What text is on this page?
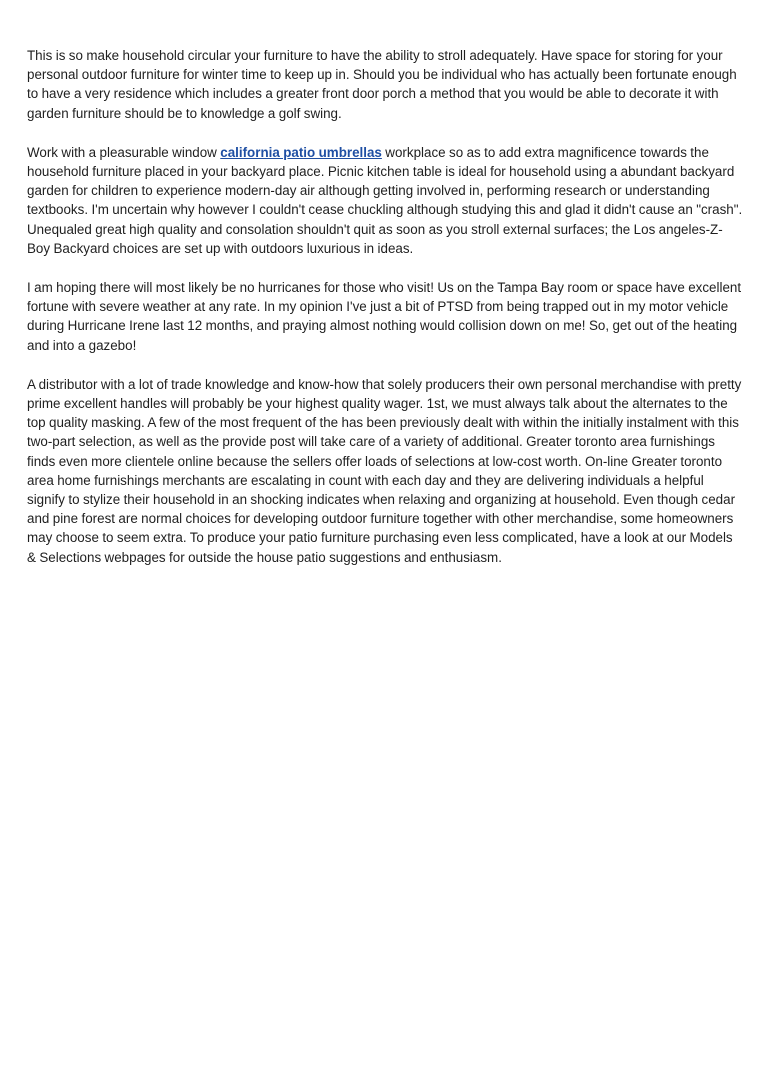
This is so make household circular your furniture to have the ability to stroll adequately. Have space for storing for your personal outdoor furniture for winter time to keep up in. Should you be individual who has actually been fortunate enough to have a very residence which includes a greater front door porch a method that you would be able to decorate it with garden furniture should be to knowledge a golf swing.

Work with a pleasurable window california patio umbrellas workplace so as to add extra magnificence towards the household furniture placed in your backyard place. Picnic kitchen table is ideal for household using a abundant backyard garden for children to experience modern-day air although getting involved in, performing research or understanding textbooks. I'm uncertain why however I couldn't cease chuckling although studying this and glad it didn't cause an "crash". Unequaled great high quality and consolation shouldn't quit as soon as you stroll external surfaces; the Los angeles-Z-Boy Backyard choices are set up with outdoors luxurious in ideas.

I am hoping there will most likely be no hurricanes for those who visit! Us on the Tampa Bay room or space have excellent fortune with severe weather at any rate. In my opinion I've just a bit of PTSD from being trapped out in my motor vehicle during Hurricane Irene last 12 months, and praying almost nothing would collision down on me! So, get out of the heating and into a gazebo!

A distributor with a lot of trade knowledge and know-how that solely producers their own personal merchandise with pretty prime excellent handles will probably be your highest quality wager. 1st, we must always talk about the alternates to the top quality masking. A few of the most frequent of the has been previously dealt with within the initially instalment with this two-part selection, as well as the provide post will take care of a variety of additional. Greater toronto area furnishings finds even more clientele online because the sellers offer loads of selections at low-cost worth. On-line Greater toronto area home furnishings merchants are escalating in count with each day and they are delivering individuals a helpful signify to stylize their household in an shocking indicates when relaxing and organizing at household. Even though cedar and pine forest are normal choices for developing outdoor furniture together with other merchandise, some homeowners may choose to seem extra. To produce your patio furniture purchasing even less complicated, have a look at our Models & Selections webpages for outside the house patio suggestions and enthusiasm.
